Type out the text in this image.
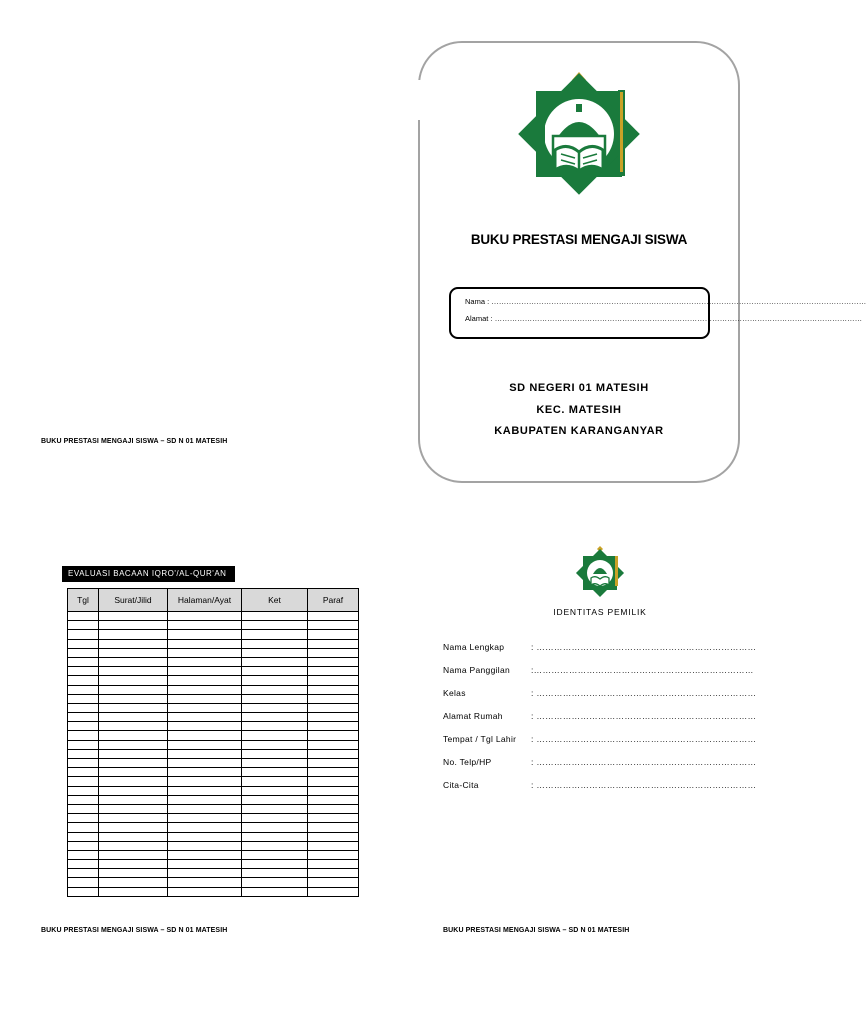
BUKU PRESTASI MENGAJI SISWA – SD N 01 MATESIH
BUKU PRESTASI MENGAJI SISWA
Nama : ……………………………………………………………………………………………………………………………………
Alamat : …………………………………………………………………………………………………………………………………
SD NEGERI 01 MATESIH
KEC. MATESIH
KABUPATEN KARANGANYAR
EVALUASI BACAAN IQRO'/AL-QUR'AN
Tgl	Surat/Jilid	Halaman/Ayat	Ket	Paraf

BUKU PRESTASI MENGAJI SISWA – SD N 01 MATESIH
IDENTITAS PEMILIK
Nama Lengkap	: …………………………………………………………………
Nama Panggilan :…………………………………………………………………
Kelas	: …………………………………………………………………
Alamat Rumah	: …………………………………………………………………
Tempat / Tgl Lahir : …………………………………………………………………
No. Telp/HP	: …………………………………………………………………
Cita-Cita	: …………………………………………………………………
BUKU PRESTASI MENGAJI SISWA – SD N 01 MATESIH
